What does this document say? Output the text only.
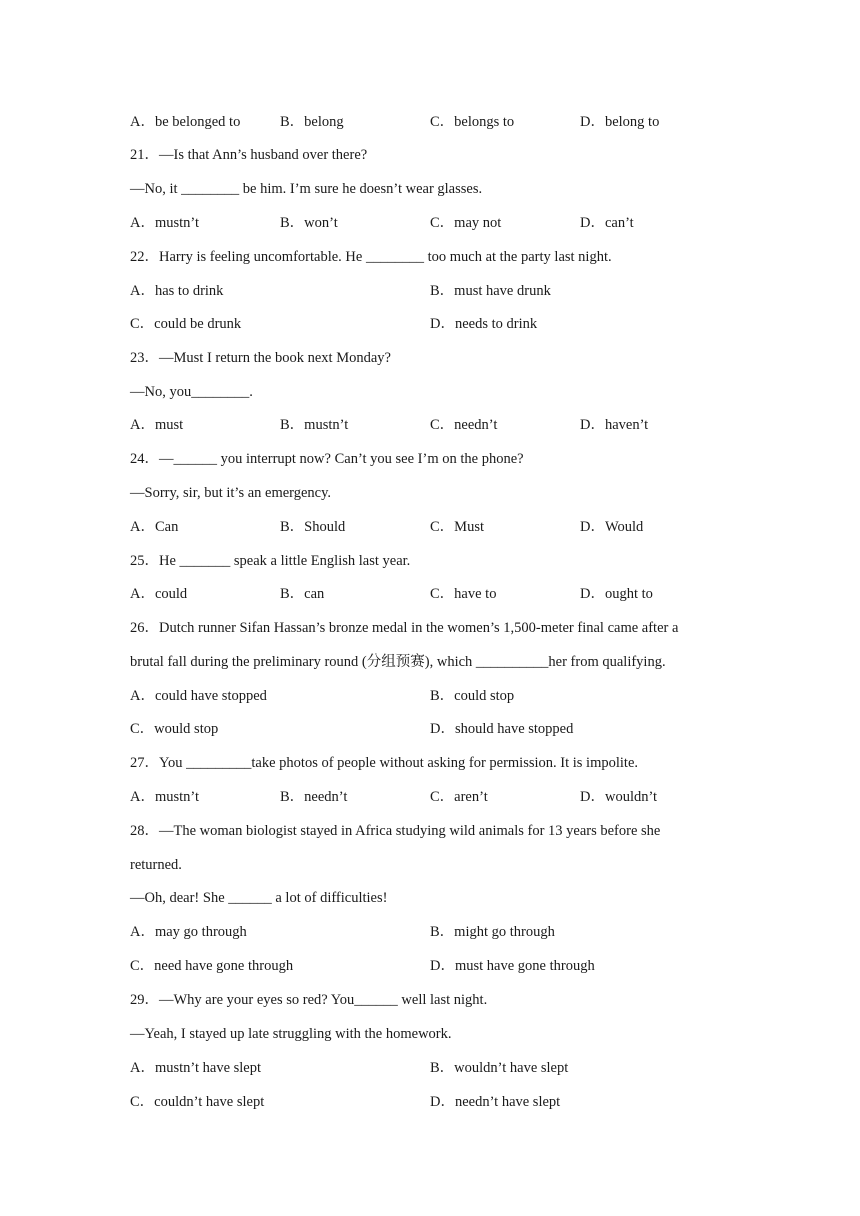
A．be belonged to	B．belong	C．belongs to	D．belong to
21．—Is that Ann’s husband over there?
—No, it ________ be him. I’m sure he doesn’t wear glasses.
A．mustn’t	B．won’t	C．may not	D．can’t
22．Harry is feeling uncomfortable. He ________ too much at the party last night.
A．has to drink	B．must have drunk
C．could be drunk	D．needs to drink
23．—Must I return the book next Monday?
—No, you________.
A．must	B．mustn’t	C．needn’t	D．haven’t
24．—______ you interrupt now? Can’t you see I’m on the phone?
—Sorry, sir, but it’s an emergency.
A．Can	B．Should	C．Must	D．Would
25．He _______ speak a little English last year.
A．could	B．can	C．have to	D．ought to
26．Dutch runner Sifan Hassan’s bronze medal in the women’s 1,500-meter final came after a
brutal fall during the preliminary round (分组预赛), which __________her from qualifying.
A．could have stopped	B．could stop
C．would stop	D．should have stopped
27．You _________take photos of people without asking for permission. It is impolite.
A．mustn’t	B．needn’t	C．aren’t	D．wouldn’t
28．—The woman biologist stayed in Africa studying wild animals for 13 years before she
returned.
—Oh, dear! She ______ a lot of difficulties!
A．may go through	B．might go through
C．need have gone through	D．must have gone through
29．—Why are your eyes so red? You______ well last night.
—Yeah, I stayed up late struggling with the homework.
A．mustn’t have slept	B．wouldn’t have slept
C．couldn’t have slept	D．needn’t have slept
